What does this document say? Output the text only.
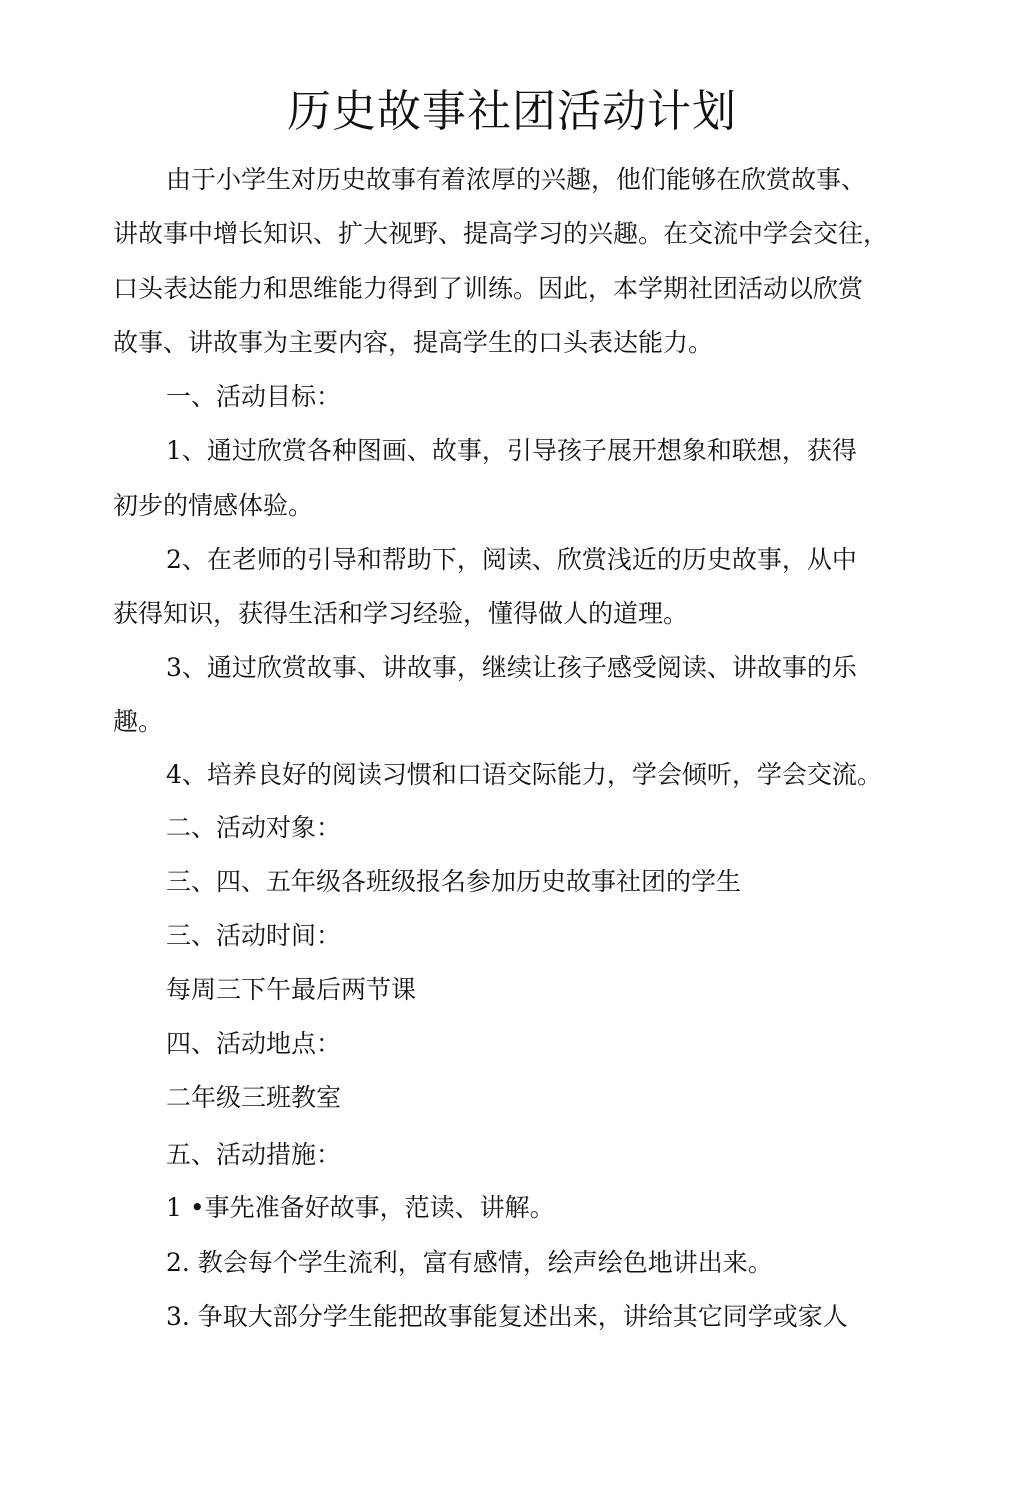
历史故事社团活动计划

由于小学生对历史故事有着浓厚的兴趣，他们能够在欣赏故事、

讲故事中增长知识、扩大视野、提高学习的兴趣。在交流中学会交往，

口头表达能力和思维能力得到了训练。因此，本学期社团活动以欣赏

故事、讲故事为主要内容，提高学生的口头表达能力。

一、活动目标：

1、通过欣赏各种图画、故事，引导孩子展开想象和联想，获得

初步的情感体验。

2、在老师的引导和帮助下，阅读、欣赏浅近的历史故事，从中

获得知识，获得生活和学习经验，懂得做人的道理。

3、通过欣赏故事、讲故事，继续让孩子感受阅读、讲故事的乐

趣。

4、培养良好的阅读习惯和口语交际能力，学会倾听，学会交流。

二、活动对象：

三、四、五年级各班级报名参加历史故事社团的学生

三、活动时间：

每周三下午最后两节课

四、活动地点：

二年级三班教室

五、活动措施：

1 •事先准备好故事，范读、讲解。

2. 教会每个学生流利，富有感情，绘声绘色地讲出来。

3. 争取大部分学生能把故事能复述出来，讲给其它同学或家人
